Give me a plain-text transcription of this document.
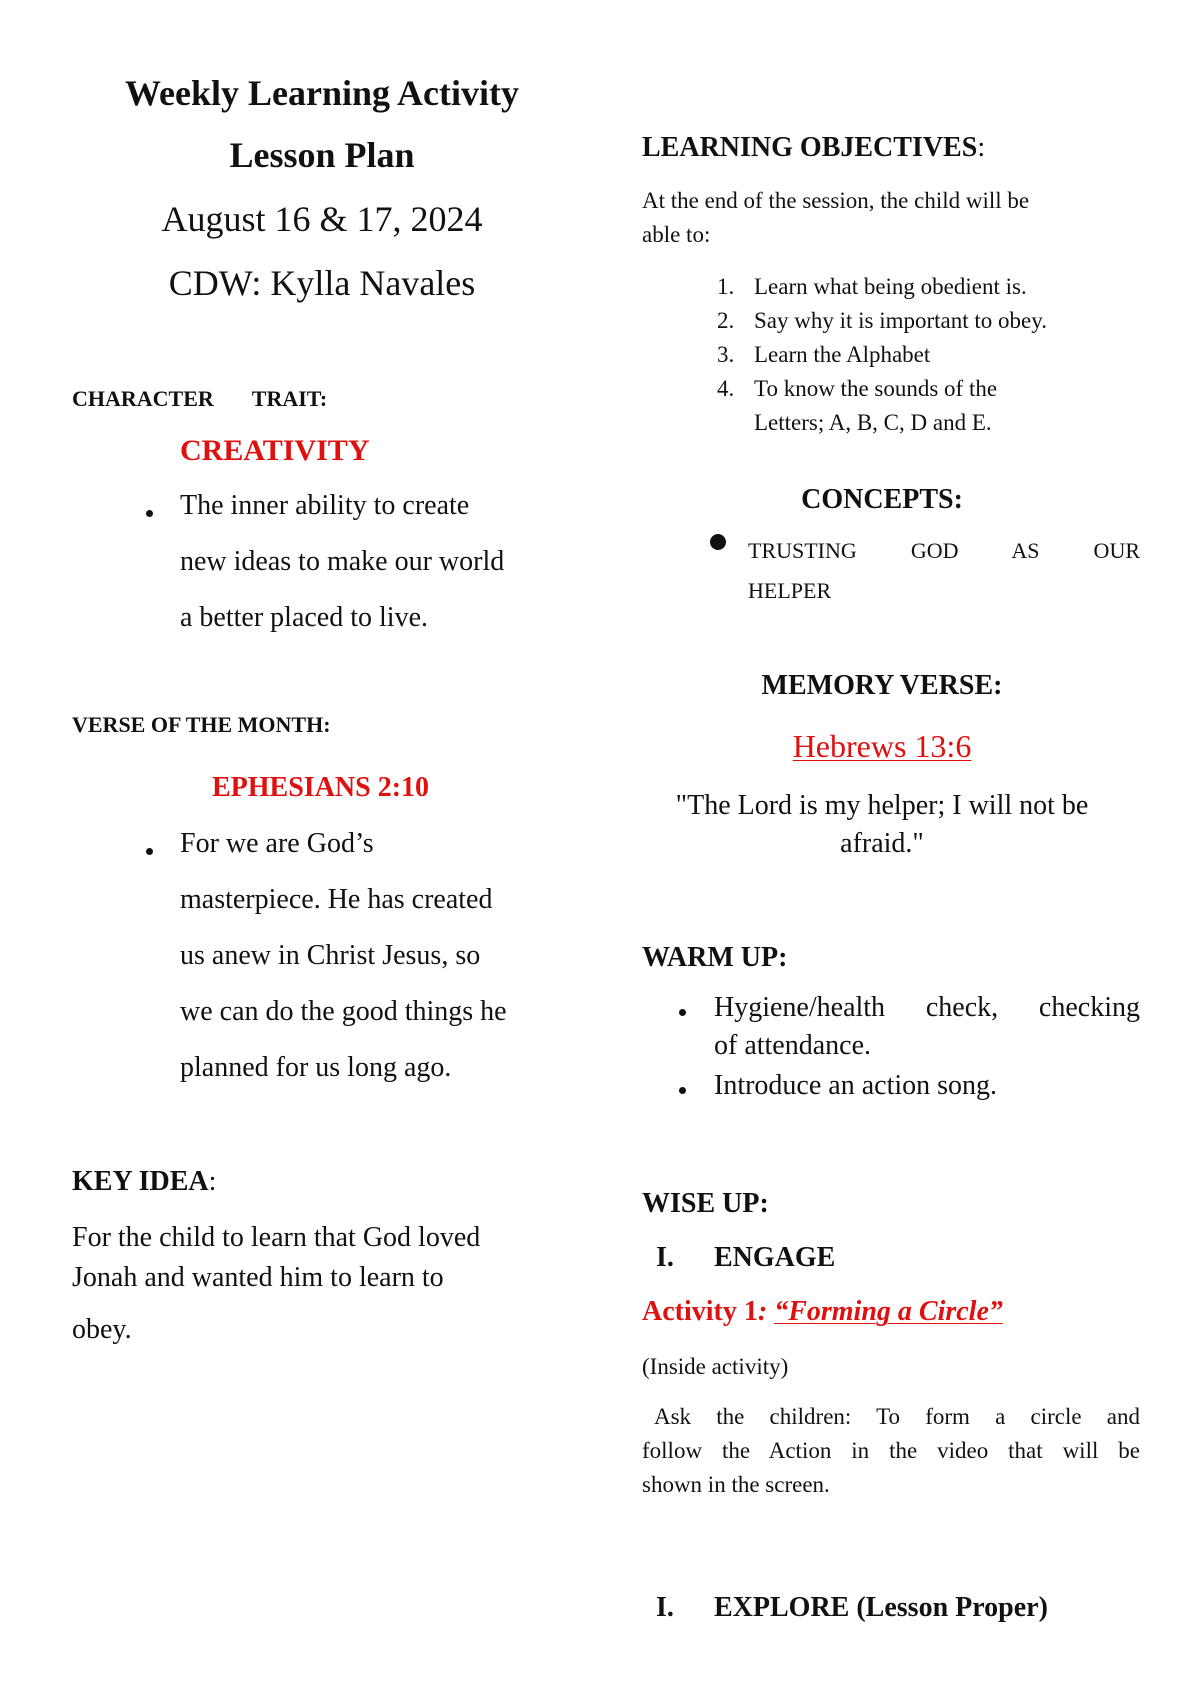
Weekly Learning Activity
Lesson Plan
August 16 & 17, 2024
CDW: Kylla Navales
CHARACTER TRAIT:
CREATIVITY
The inner ability to create
new ideas to make our world
a better placed to live.
VERSE OF THE MONTH:
EPHESIANS 2:10
For we are God’s
masterpiece. He has created
us anew in Christ Jesus, so
we can do the good things he
planned for us long ago.
KEY IDEA:
For the child to learn that God loved
Jonah and wanted him to learn to
obey.
LEARNING OBJECTIVES:
At the end of the session, the child will be
able to:
1. Learn what being obedient is.
2. Say why it is important to obey.
3. Learn the Alphabet
4. To know the sounds of the
Letters; A, B, C, D and E.
CONCEPTS:
TRUSTING GOD AS OUR
HELPER
MEMORY VERSE:
Hebrews 13:6
"The Lord is my helper; I will not be
afraid."
WARM UP:
Hygiene/health check, checking
of attendance.
Introduce an action song.
WISE UP:
I. ENGAGE
Activity 1: “Forming a Circle”
(Inside activity)
Ask the children: To form a circle and
follow the Action in the video that will be
shown in the screen.
I. EXPLORE (Lesson Proper)
